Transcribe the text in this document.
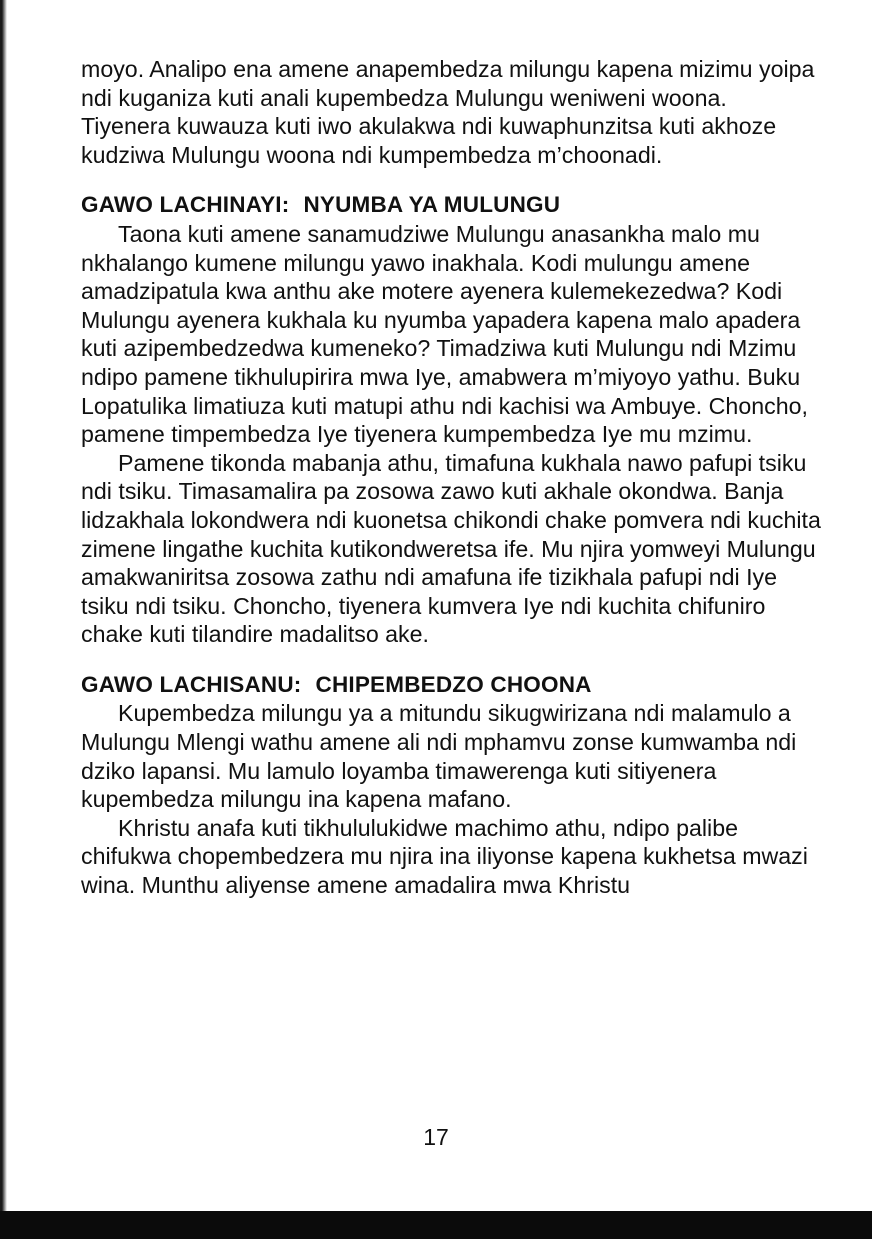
moyo. Analipo ena amene anapembedza milungu kapena mizimu yoipa ndi kuganiza kuti anali kupembedza Mulungu weniweni woona. Tiyenera kuwauza kuti iwo akulakwa ndi kuwaphunzitsa kuti akhoze kudziwa Mulungu woona ndi kumpembedza m’choonadi.

GAWO LACHINAYI: NYUMBA YA MULUNGU

Taona kuti amene sanamudziwe Mulungu anasankha malo mu nkhalango kumene milungu yawo inakhala. Kodi mulungu amene amadzipatula kwa anthu ake motere ayenera kulemekezedwa? Kodi Mulungu ayenera kukhala ku nyumba yapadera kapena malo apadera kuti azipembedzedwa kumeneko? Timadziwa kuti Mulungu ndi Mzimu ndipo pamene tikhulupirira mwa Iye, amabwera m’miyoyo yathu. Buku Lopatulika limatiuza kuti matupi athu ndi kachisi wa Ambuye. Choncho, pamene timpembedza Iye tiyenera kumpembedza Iye mu mzimu.

Pamene tikonda mabanja athu, timafuna kukhala nawo pafupi tsiku ndi tsiku. Timasamalira pa zosowa zawo kuti akhale okondwa. Banja lidzakhala lokondwera ndi kuonetsa chikondi chake pomvera ndi kuchita zimene lingathe kuchita kutikondweretsa ife. Mu njira yomweyi Mulungu amakwaniritsa zosowa zathu ndi amafuna ife tizikhala pafupi ndi Iye tsiku ndi tsiku. Choncho, tiyenera kumvera Iye ndi kuchita chifuniro chake kuti tilandire madalitso ake.

GAWO LACHISANU: CHIPEMBEDZO CHOONA

Kupembedza milungu ya a mitundu sikugwirizana ndi malamulo a Mulungu Mlengi wathu amene ali ndi mphamvu zonse kumwamba ndi dziko lapansi. Mu lamulo loyamba timawerenga kuti sitiyenera kupembedza milungu ina kapena mafano.

Khristu anafa kuti tikhululukidwe machimo athu, ndipo palibe chifukwa chopembedzera mu njira ina iliyonse kapena kukhetsa mwazi wina. Munthu aliyense amene amadalira mwa Khristu

17
